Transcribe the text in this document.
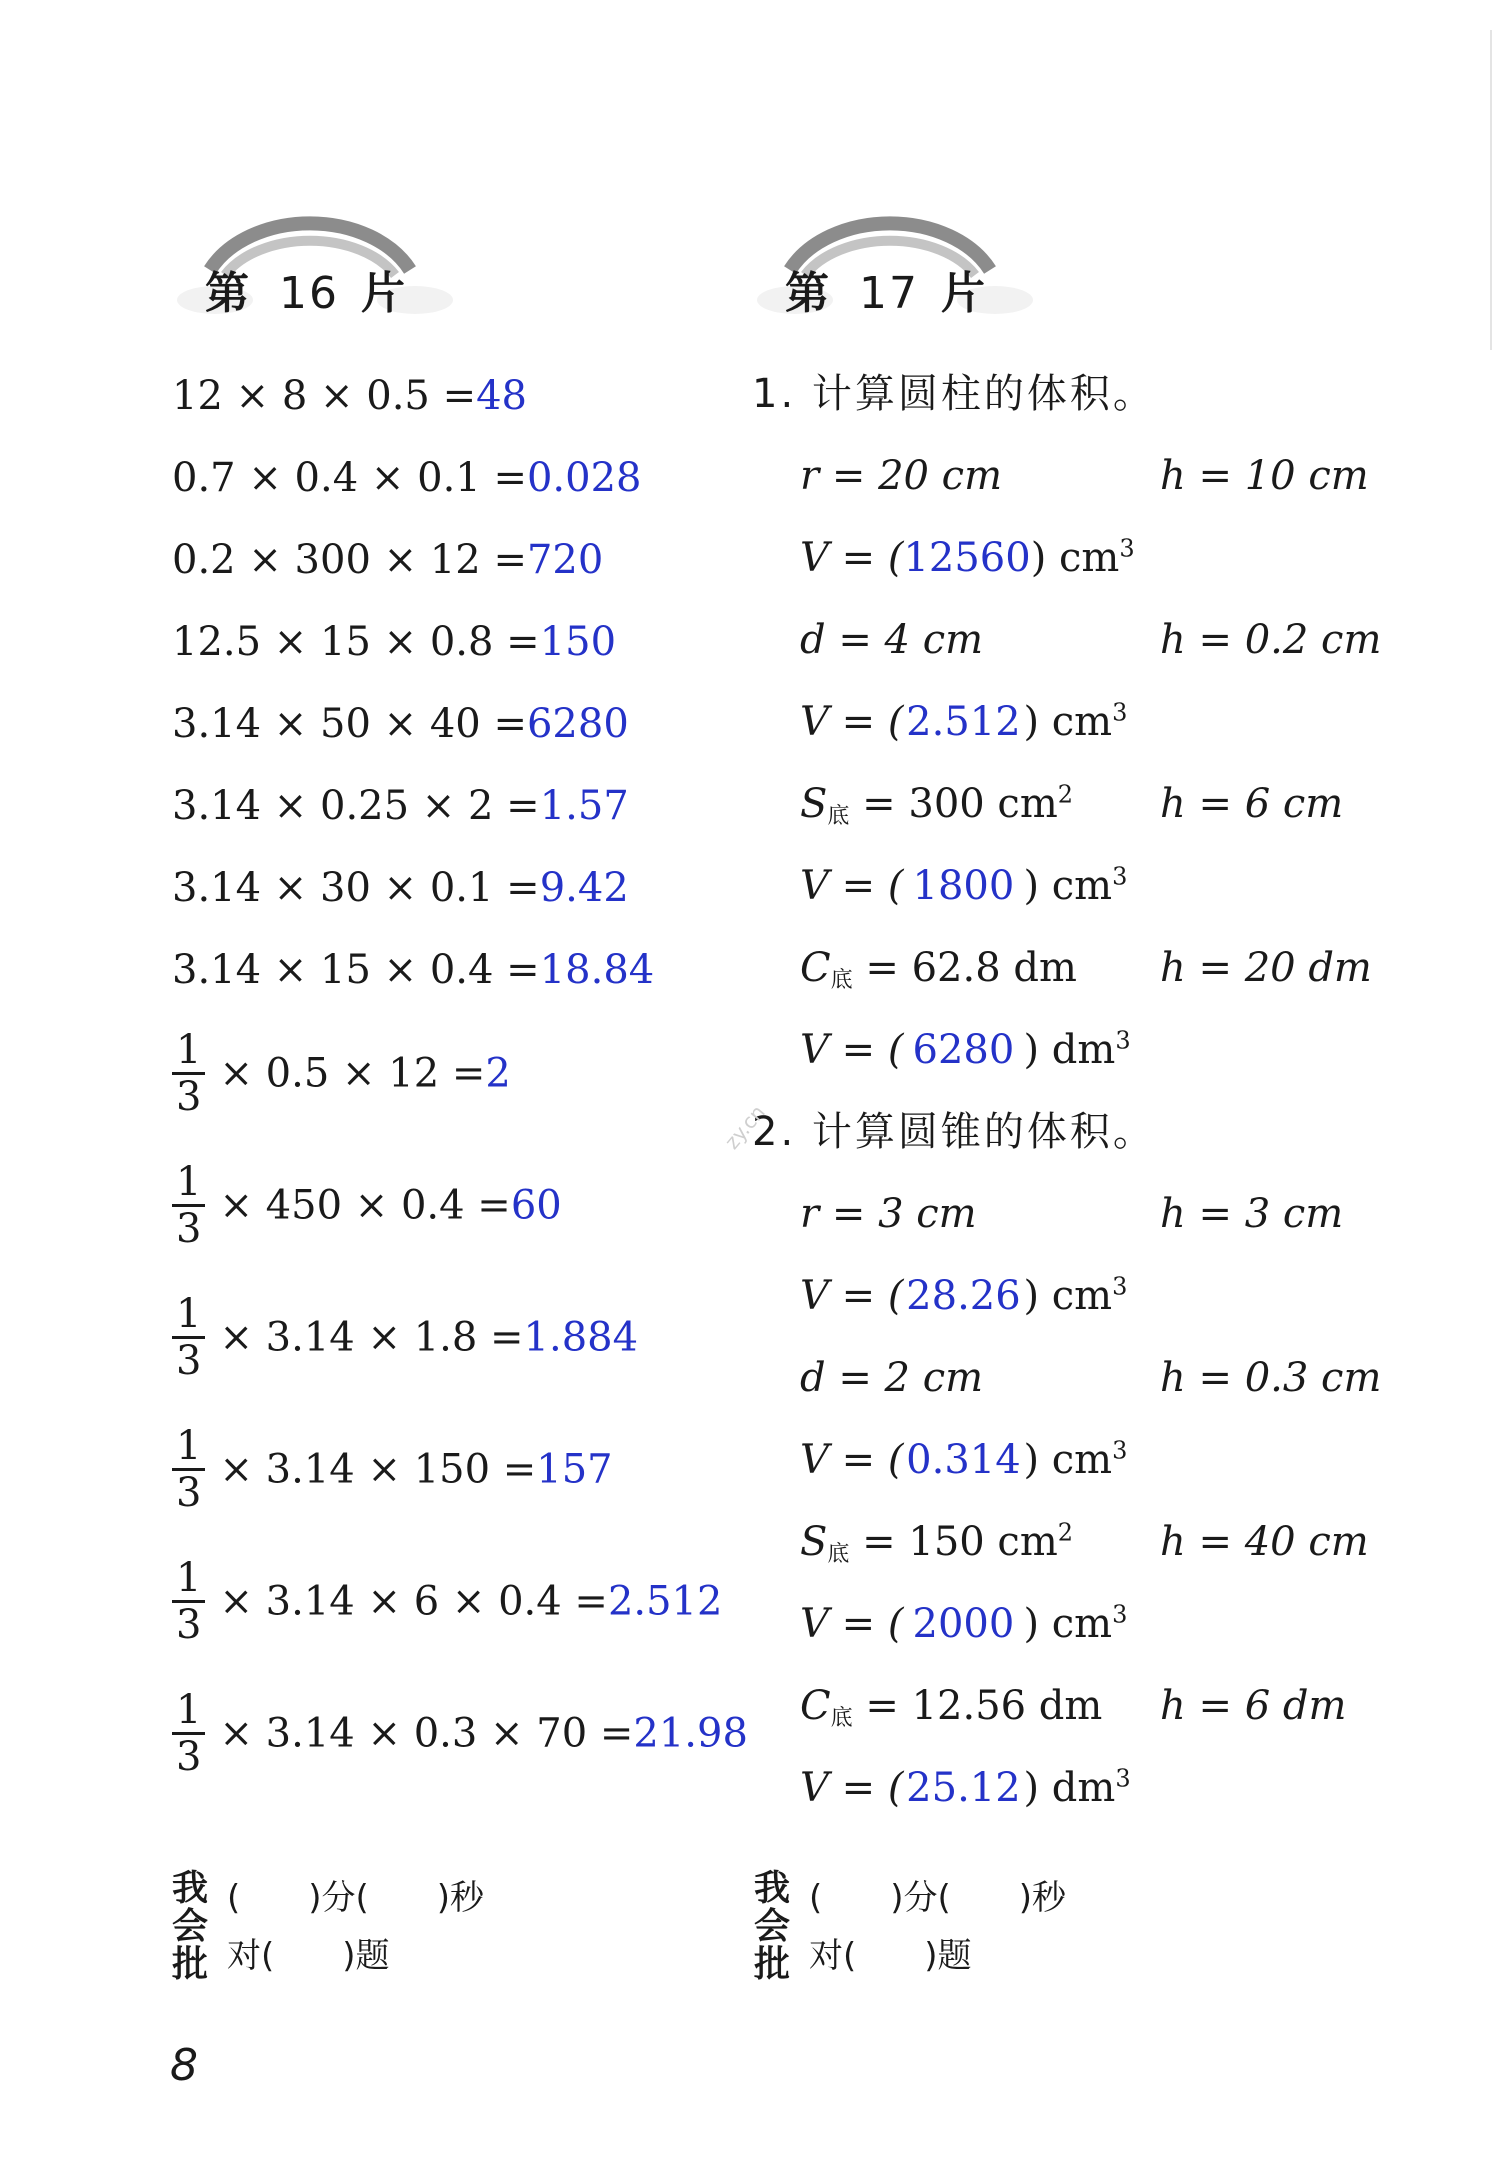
第 16 片	第 17 片
12 × 8 × 0.5 =48
0.7 × 0.4 × 0.1 =0.028
0.2 × 300 × 12 =720
12.5 × 15 × 0.8 =150
3.14 × 50 × 40 =6280
3.14 × 0.25 × 2 =1.57
3.14 × 30 × 0.1 =9.42
3.14 × 15 × 0.4 =18.84
$\frac{1}{3} \times 0.5 \times 12 =2$
$\frac{1}{3} \times 450 \times 0.4 =60$
$\frac{1}{3} \times 3.14 \times 1.8 =1.884$
$\frac{1}{3} \times 3.14 \times 150 =157$
$\frac{1}{3} \times 3.14 \times 6 \times 0.4 =2.512$
$\frac{1}{3} \times 3.14 \times 0.3 \times 70 =21.98$
1. 计算圆柱的体积。
r = 20 cm	h = 10 cm
V = (12560) $cm^3$
d = 4 cm	h = 0.2 cm
V = (2.512) $cm^3$
$S_底 = 300$ $cm^2$ h = 6 cm
V = ( 1800 ) $cm^3$
$C_底 = 62.8$ dm h = 20 dm
V = ( 6280 ) $dm^3$
2. 计算圆锥的体积。
r = 3 cm	h = 3 cm
V = (28.26) $cm^3$
d = 2 cm	h = 0.3 cm
V = (0.314) $cm^3$
$S_底 = 150$ $cm^2$ h = 40 cm
V = ( 2000 ) $cm^3$
$C_底 = 12.56$ dm h = 6 dm
V = (25.12) $dm^3$
我
会
批
(　　)分(　　)秒
对(　　)题
我
会
批
(　　)分(　　)秒
对(　　)题
zy.cn
8
